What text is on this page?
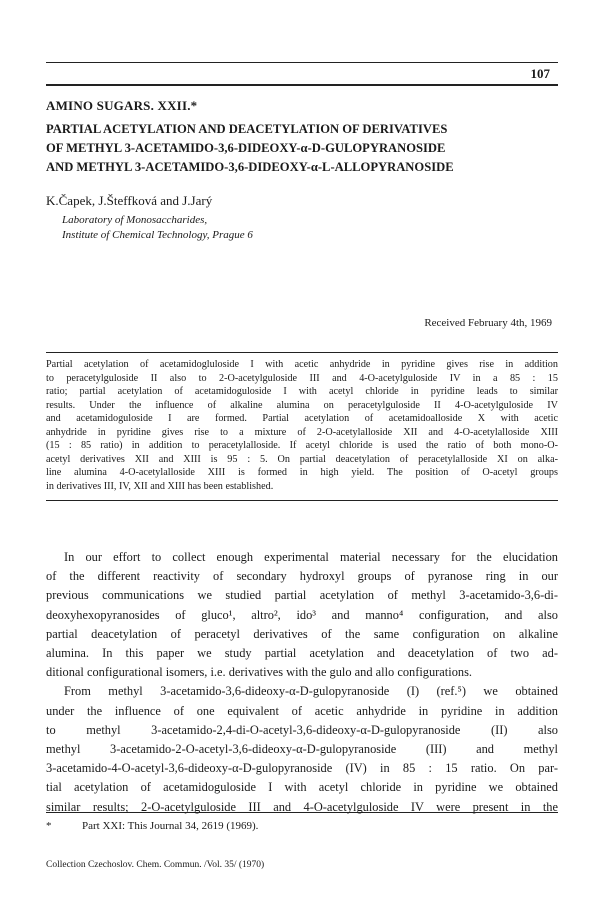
107
AMINO SUGARS. XXII.*
PARTIAL ACETYLATION AND DEACETYLATION OF DERIVATIVES
OF METHYL 3-ACETAMIDO-3,6-DIDEOXY-α-D-GULOPYRANOSIDE
AND METHYL 3-ACETAMIDO-3,6-DIDEOXY-α-L-ALLOPYRANOSIDE
K.Čapek, J.Šteffková and J.Jarý
Laboratory of Monosaccharides,
Institute of Chemical Technology, Prague 6
Received February 4th, 1969
Partial acetylation of acetamidogluloside I with acetic anhydride in pyridine gives rise in addition
to peracetylguloside II also to 2-O-acetylguloside III and 4-O-acetylguloside IV in a 85 : 15
ratio; partial acetylation of acetamidoguloside I with acetyl chloride in pyridine leads to similar
results. Under the influence of alkaline alumina on peracetylguloside II 4-O-acetylguloside IV
and acetamidoguloside I are formed. Partial acetylation of acetamidoalloside X with acetic
anhydride in pyridine gives rise to a mixture of 2-O-acetylalloside XII and 4-O-acetylalloside XIII
(15 : 85 ratio) in addition to peracetylalloside. If acetyl chloride is used the ratio of both mono-O-
acetyl derivatives XII and XIII is 95 : 5. On partial deacetylation of peracetylalloside XI on alka-
line alumina 4-O-acetylalloside XIII is formed in high yield. The position of O-acetyl groups
in derivatives III, IV, XII and XIII has been established.
In our effort to collect enough experimental material necessary for the elucidation
of the different reactivity of secondary hydroxyl groups of pyranose ring in our
previous communications we studied partial acetylation of methyl 3-acetamido-3,6-di-
deoxyhexopyranosides of gluco¹, altro², ido³ and manno⁴ configuration, and also
partial deacetylation of peracetyl derivatives of the same configuration on alkaline
alumina. In this paper we study partial acetylation and deacetylation of two ad-
ditional configurational isomers, i.e. derivatives with the gulo and allo configurations.
From methyl 3-acetamido-3,6-dideoxy-α-D-gulopyranoside (I) (ref.⁵) we obtained
under the influence of one equivalent of acetic anhydride in pyridine in addition
to methyl 3-acetamido-2,4-di-O-acetyl-3,6-dideoxy-α-D-gulopyranoside (II) also
methyl 3-acetamido-2-O-acetyl-3,6-dideoxy-α-D-gulopyranoside (III) and methyl
3-acetamido-4-O-acetyl-3,6-dideoxy-α-D-gulopyranoside (IV) in 85 : 15 ratio. On par-
tial acetylation of acetamidoguloside I with acetyl chloride in pyridine we obtained
similar results; 2-O-acetylguloside III and 4-O-acetylguloside IV were present in the
*	Part XXI: This Journal 34, 2619 (1969).
Collection Czechoslov. Chem. Commun. /Vol. 35/ (1970)
